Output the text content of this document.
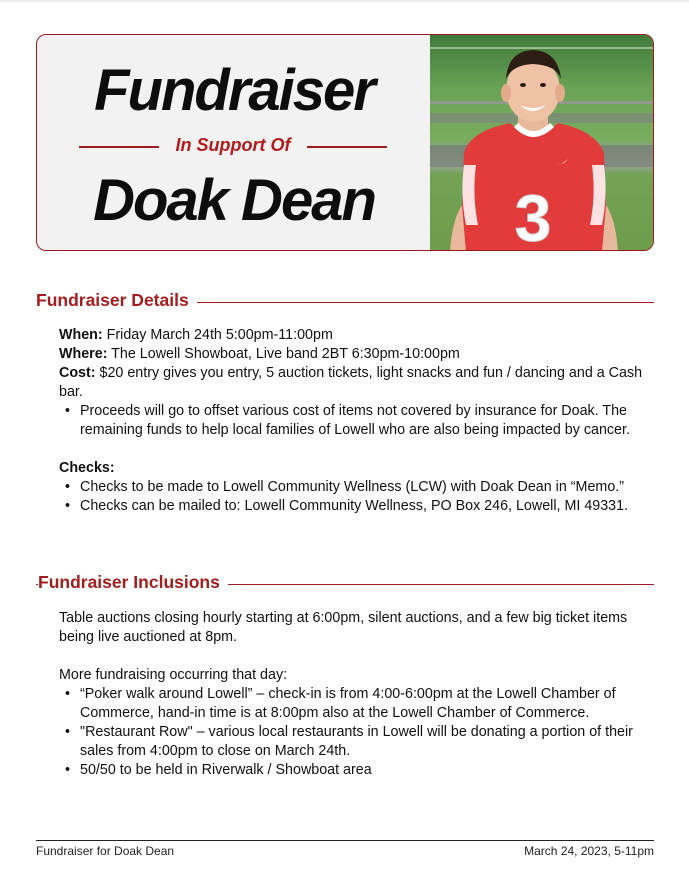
Fundraiser
In Support Of
Doak Dean	3
Fundraiser Details
When: Friday March 24th 5:00pm-11:00pm
Where: The Lowell Showboat, Live band 2BT 6:30pm-10:00pm
Cost: $20 entry gives you entry, 5 auction tickets, light snacks and fun / dancing and a Cash bar.
• Proceeds will go to offset various cost of items not covered by insurance for Doak. The remaining funds to help local families of Lowell who are also being impacted by cancer.
Checks:
• Checks to be made to Lowell Community Wellness (LCW) with Doak Dean in “Memo.”
• Checks can be mailed to: Lowell Community Wellness, PO Box 246, Lowell, MI 49331.
Fundraiser Inclusions
Table auctions closing hourly starting at 6:00pm, silent auctions, and a few big ticket items being live auctioned at 8pm.
More fundraising occurring that day:
• “Poker walk around Lowell” – check-in is from 4:00-6:00pm at the Lowell Chamber of Commerce, hand-in time is at 8:00pm also at the Lowell Chamber of Commerce.
• "Restaurant Row" – various local restaurants in Lowell will be donating a portion of their sales from 4:00pm to close on March 24th.
• 50/50 to be held in Riverwalk / Showboat area
Fundraiser for Doak Dean	March 24, 2023, 5-11pm
